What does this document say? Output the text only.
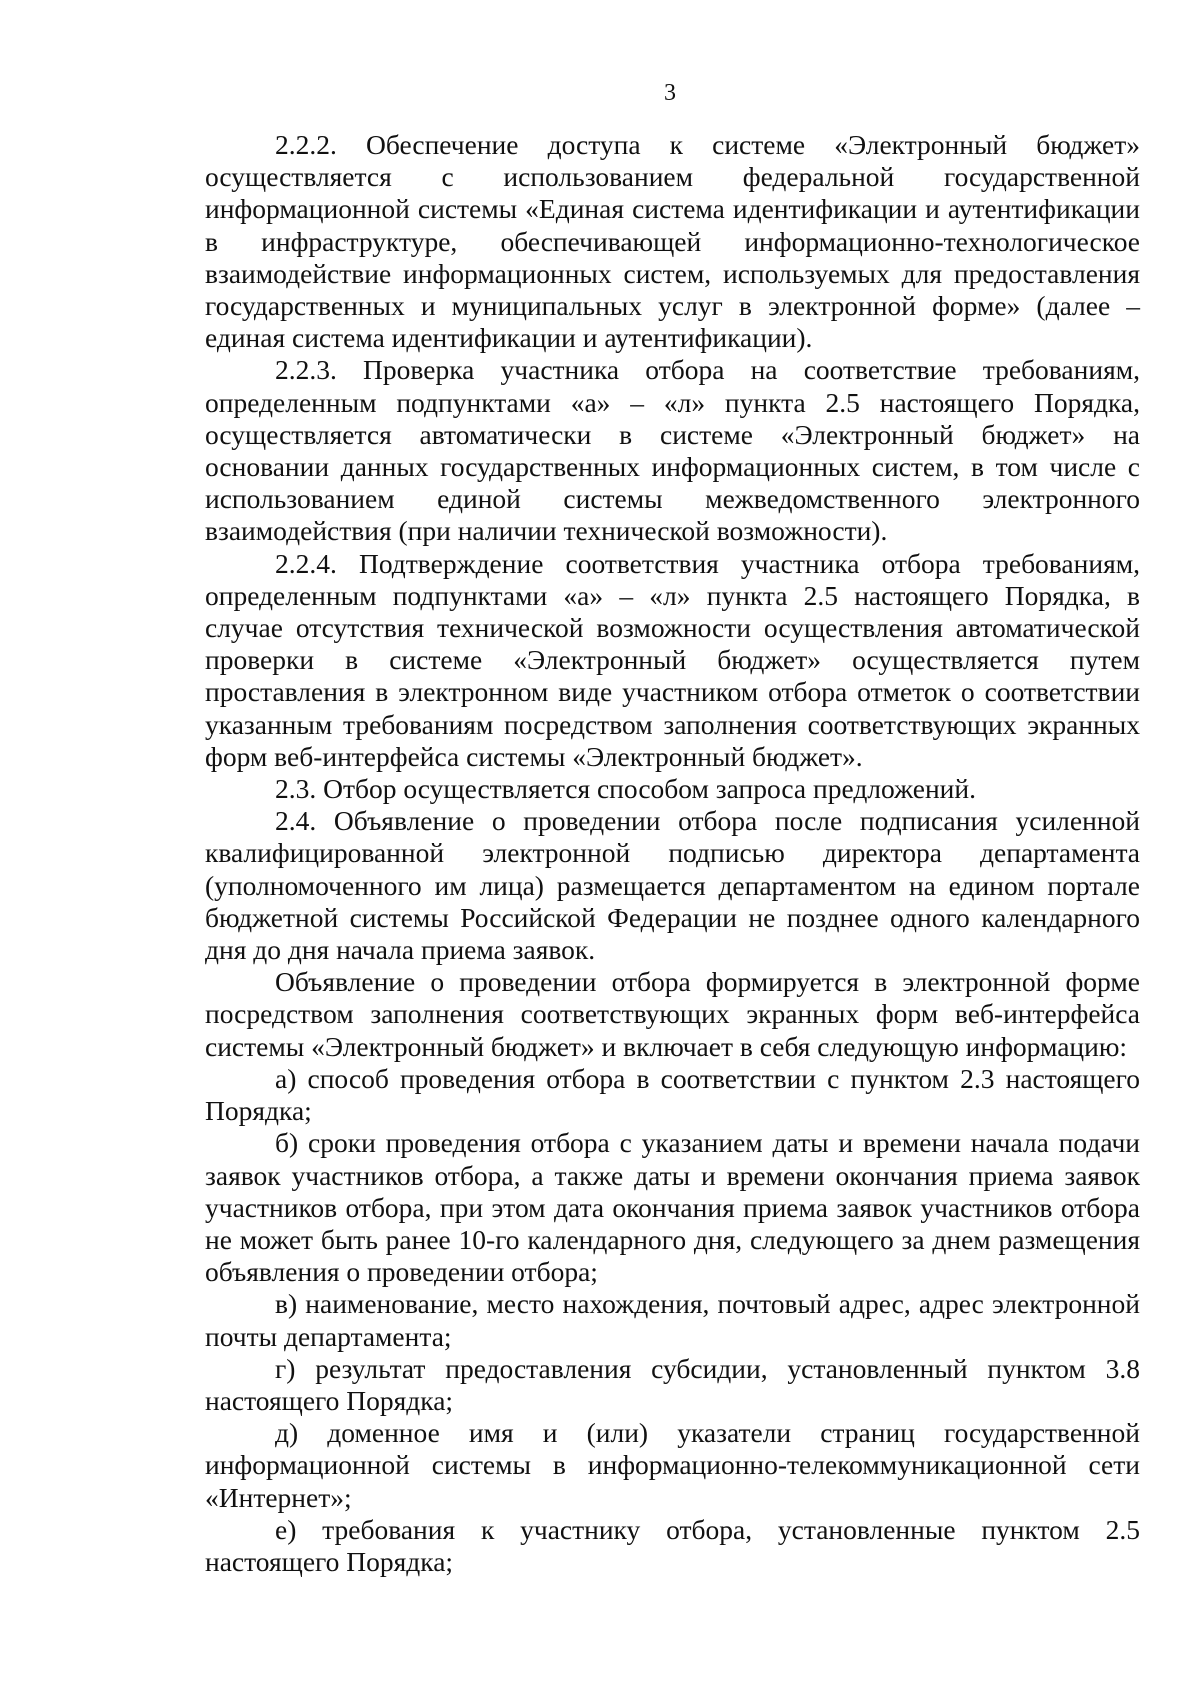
3

2.2.2. Обеспечение доступа к системе «Электронный бюджет» осуществляется с использованием федеральной государственной информационной системы «Единая система идентификации и аутентификации в инфраструктуре, обеспечивающей информационно-технологическое взаимодействие информационных систем, используемых для предоставления государственных и муниципальных услуг в электронной форме» (далее – единая система идентификации и аутентификации).

2.2.3. Проверка участника отбора на соответствие требованиям, определенным подпунктами «а» – «л» пункта 2.5 настоящего Порядка, осуществляется автоматически в системе «Электронный бюджет» на основании данных государственных информационных систем, в том числе с использованием единой системы межведомственного электронного взаимодействия (при наличии технической возможности).

2.2.4. Подтверждение соответствия участника отбора требованиям, определенным подпунктами «а» – «л» пункта 2.5 настоящего Порядка, в случае отсутствия технической возможности осуществления автоматической проверки в системе «Электронный бюджет» осуществляется путем проставления в электронном виде участником отбора отметок о соответствии указанным требованиям посредством заполнения соответствующих экранных форм веб-интерфейса системы «Электронный бюджет».

2.3. Отбор осуществляется способом запроса предложений.

2.4. Объявление о проведении отбора после подписания усиленной квалифицированной электронной подписью директора департамента (уполномоченного им лица) размещается департаментом на едином портале бюджетной системы Российской Федерации не позднее одного календарного дня до дня начала приема заявок.

Объявление о проведении отбора формируется в электронной форме посредством заполнения соответствующих экранных форм веб-интерфейса системы «Электронный бюджет» и включает в себя следующую информацию:

а) способ проведения отбора в соответствии с пунктом 2.3 настоящего Порядка;

б) сроки проведения отбора с указанием даты и времени начала подачи заявок участников отбора, а также даты и времени окончания приема заявок участников отбора, при этом дата окончания приема заявок участников отбора не может быть ранее 10-го календарного дня, следующего за днем размещения объявления о проведении отбора;

в) наименование, место нахождения, почтовый адрес, адрес электронной почты департамента;

г) результат предоставления субсидии, установленный пунктом 3.8 настоящего Порядка;

д) доменное имя и (или) указатели страниц государственной информационной системы в информационно-телекоммуникационной сети «Интернет»;

е) требования к участнику отбора, установленные пунктом 2.5 настоящего Порядка;
